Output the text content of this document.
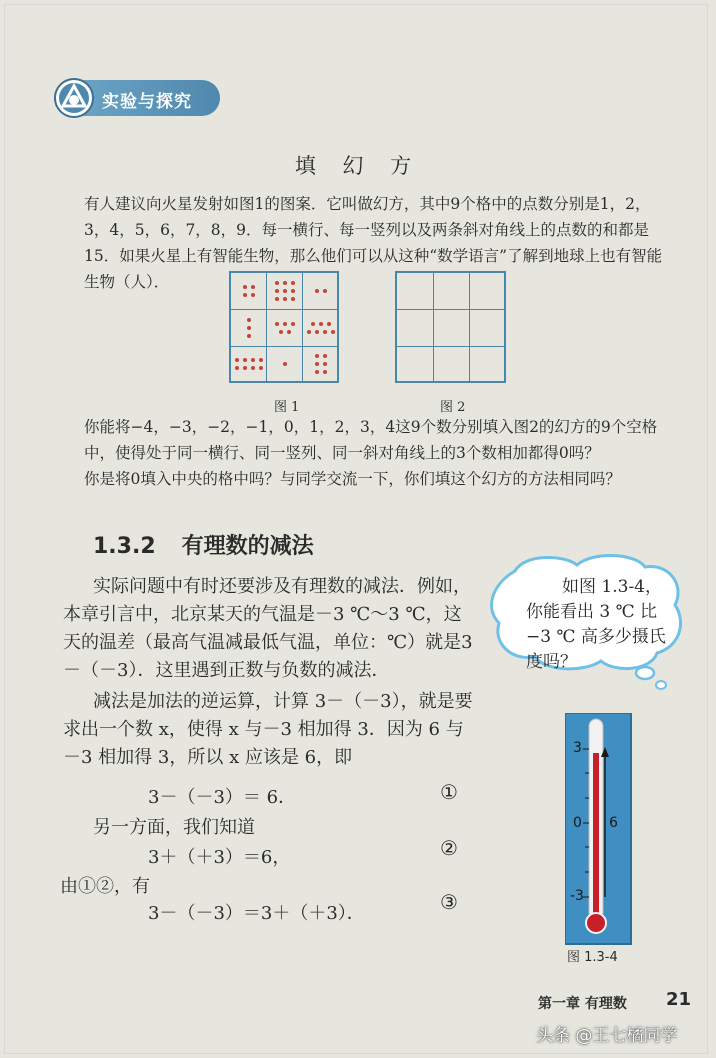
实验与探究
填 幻 方
有人建议向火星发射如图1的图案．它叫做幻方，其中9个格中的点数分别是1，2，3，4，5，6，7，8，9．每一横行、每一竖列以及两条斜对角线上的点数的和都是15．如果火星上有智能生物，那么他们可以从这种“数学语言”了解到地球上也有智能生物（人）．
图 1	图 2
你能将−4，−3，−2，−1，0，1，2，3，4这9个数分别填入图2的幻方的9个空格中，使得处于同一横行、同一竖列、同一斜对角线上的3个数相加都得0吗？
你是将0填入中央的格中吗？与同学交流一下，你们填这个幻方的方法相同吗？
1.3.2 有理数的减法
实际问题中有时还要涉及有理数的减法．例如，本章引言中，北京某天的气温是－3 ℃～3 ℃，这天的温差（最高气温减最低气温，单位：℃）就是3－（－3）．这里遇到正数与负数的减法．
减法是加法的逆运算，计算 3－（－3），就是要求出一个数 x，使得 x 与－3 相加得 3．因为 6 与－3 相加得 3，所以 x 应该是 6，即
3－（－3）＝ 6．	①
另一方面，我们知道
3＋（＋3）＝6，	②
由①②，有
3－（－3）＝3＋（＋3）．	③
如图 1.3-4，你能看出 3 ℃ 比 −3 ℃ 高多少摄氏度吗？
3
0
-3
6
图 1.3-4
第一章 有理数 21
头条 @王七橘同学
